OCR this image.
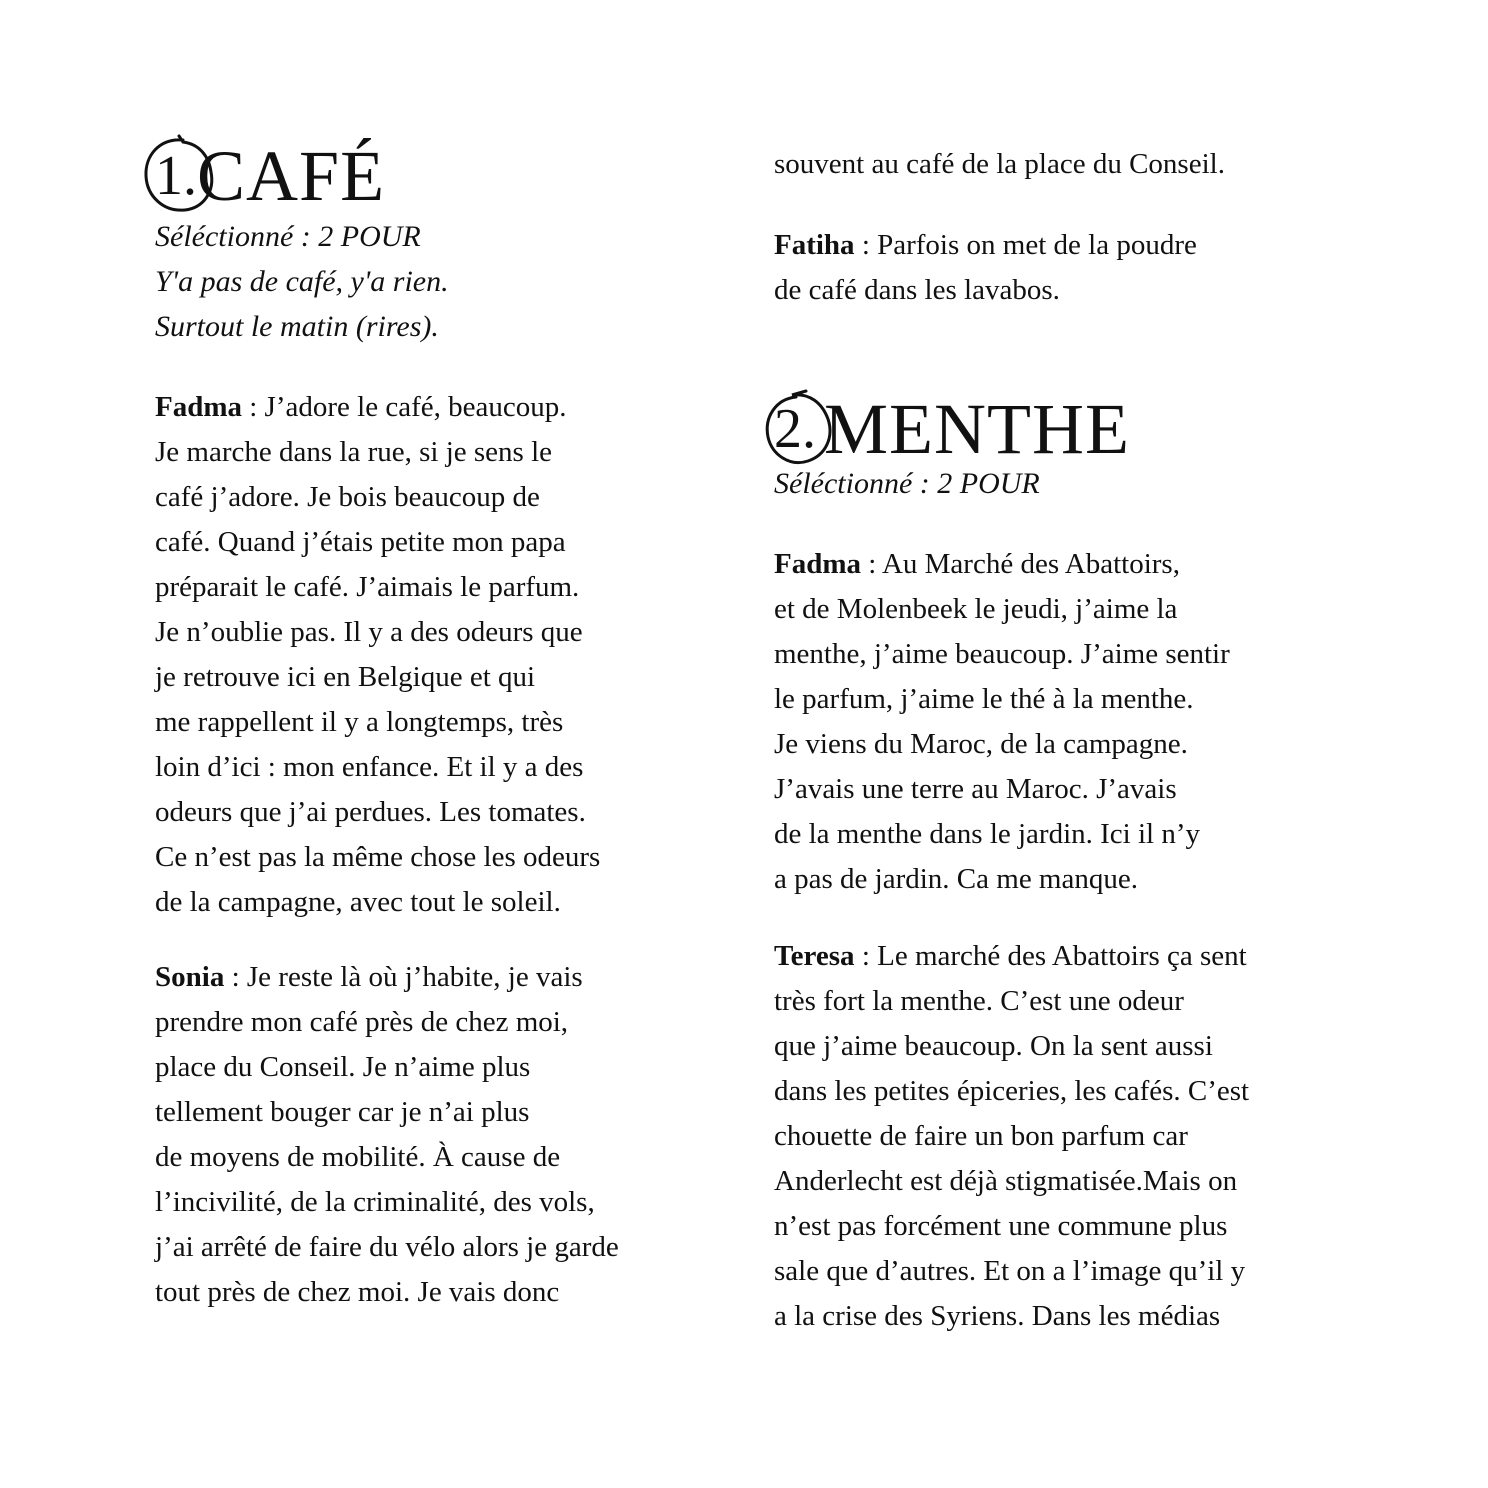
1. CAFÉ
Séléctionné : 2 POUR
Y'a pas de café, y'a rien.
Surtout le matin (rires).

Fadma : J’adore le café, beaucoup.
Je marche dans la rue, si je sens le
café j’adore. Je bois beaucoup de
café. Quand j’étais petite mon papa
préparait le café. J’aimais le parfum.
Je n’oublie pas. Il y a des odeurs que
je retrouve ici en Belgique et qui
me rappellent il y a longtemps, très
loin d’ici : mon enfance. Et il y a des
odeurs que j’ai perdues. Les tomates.
Ce n’est pas la même chose les odeurs
de la campagne, avec tout le soleil.

Sonia : Je reste là où j’habite, je vais
prendre mon café près de chez moi,
place du Conseil. Je n’aime plus
tellement bouger car je n’ai plus
de moyens de mobilité. À cause de
l’incivilité, de la criminalité, des vols,
j’ai arrêté de faire du vélo alors je garde
tout près de chez moi. Je vais donc

souvent au café de la place du Conseil.

Fatiha : Parfois on met de la poudre
de café dans les lavabos.

2. MENTHE
Séléctionné : 2 POUR

Fadma : Au Marché des Abattoirs,
et de Molenbeek le jeudi, j’aime la
menthe, j’aime beaucoup. J’aime sentir
le parfum, j’aime le thé à la menthe.
Je viens du Maroc, de la campagne.
J’avais une terre au Maroc. J’avais
de la menthe dans le jardin. Ici il n’y
a pas de jardin. Ca me manque.

Teresa : Le marché des Abattoirs ça sent
très fort la menthe. C’est une odeur
que j’aime beaucoup. On la sent aussi
dans les petites épiceries, les cafés. C’est
chouette de faire un bon parfum car
Anderlecht est déjà stigmatisée.Mais on
n’est pas forcément une commune plus
sale que d’autres. Et on a l’image qu’il y
a la crise des Syriens. Dans les médias
